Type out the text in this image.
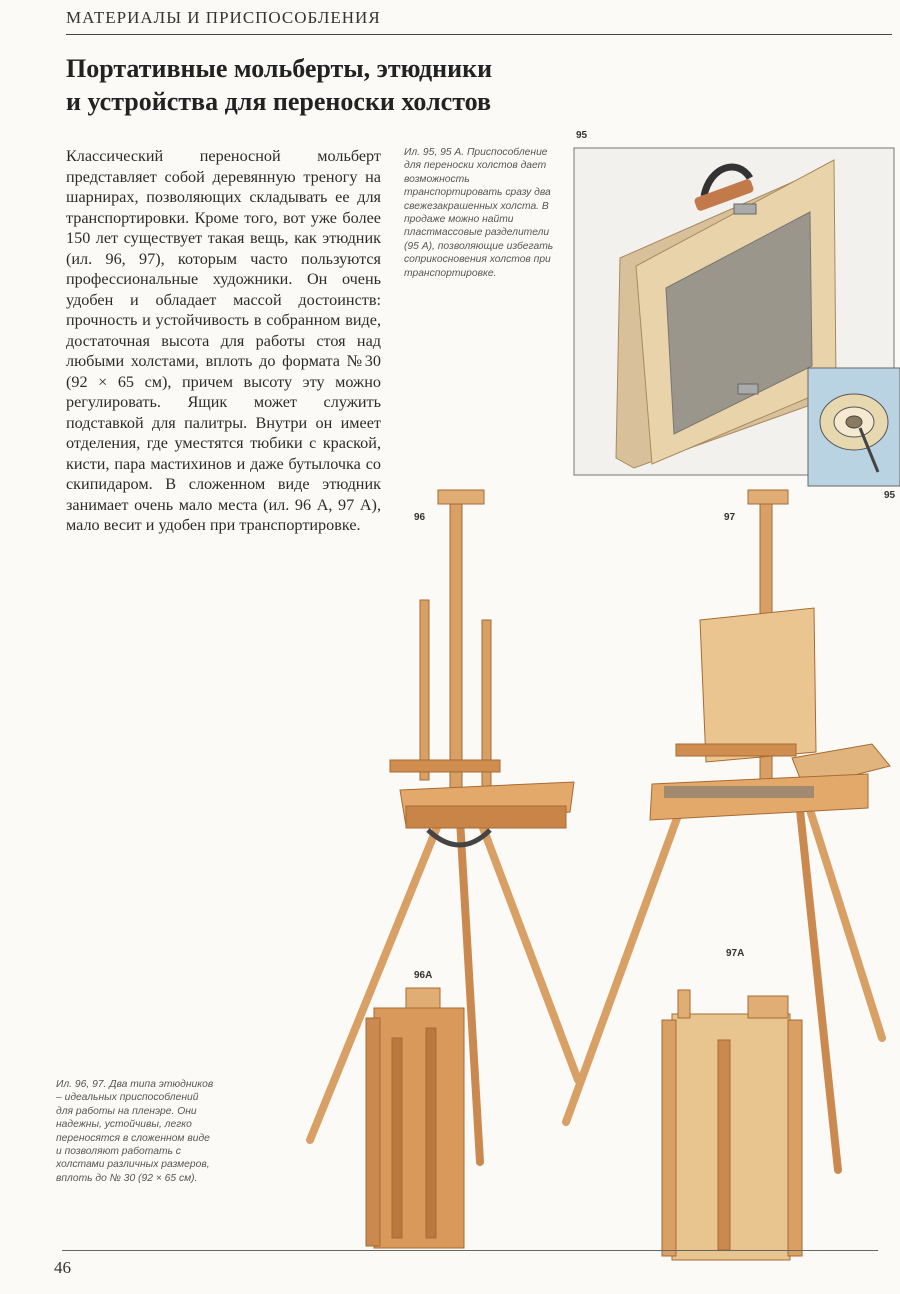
МАТЕРИАЛЫ И ПРИСПОСОБЛЕНИЯ
Портативные мольберты, этюдники
и устройства для переноски холстов
Классический переносной мольберт представляет собой деревянную треногу на шарнирах, позволяющих складывать ее для транспортировки. Кроме того, вот уже более 150 лет существует такая вещь, как этюдник (ил. 96, 97), которым часто пользуются профессиональные художники. Он очень удобен и обладает массой достоинств: прочность и устойчивость в собранном виде, достаточная высота для работы стоя над любыми холстами, вплоть до формата №30 (92 × 65 см), причем высоту эту можно регулировать. Ящик может служить подставкой для палитры. Внутри он имеет отделения, где уместятся тюбики с краской, кисти, пара мастихинов и даже бутылочка со скипидаром. В сложенном виде этюдник занимает очень мало места (ил. 96 А, 97 А), мало весит и удобен при транспортировке.
Ил. 95, 95 А. Приспособление для переноски холстов дает возможность транспортировать сразу два свежезакрашенных холста. В продаже можно найти пластмассовые разделители (95 А), позволяющие избегать соприкосновения холстов при транспортировке.
95
95
96	97
96A
97A
Ил. 96, 97. Два типа этюдников – идеальных приспособлений для работы на пленэре. Они надежны, устойчивы, легко переносятся в сложенном виде и позволяют работать с холстами различных размеров, вплоть до № 30 (92 × 65 см).
46
